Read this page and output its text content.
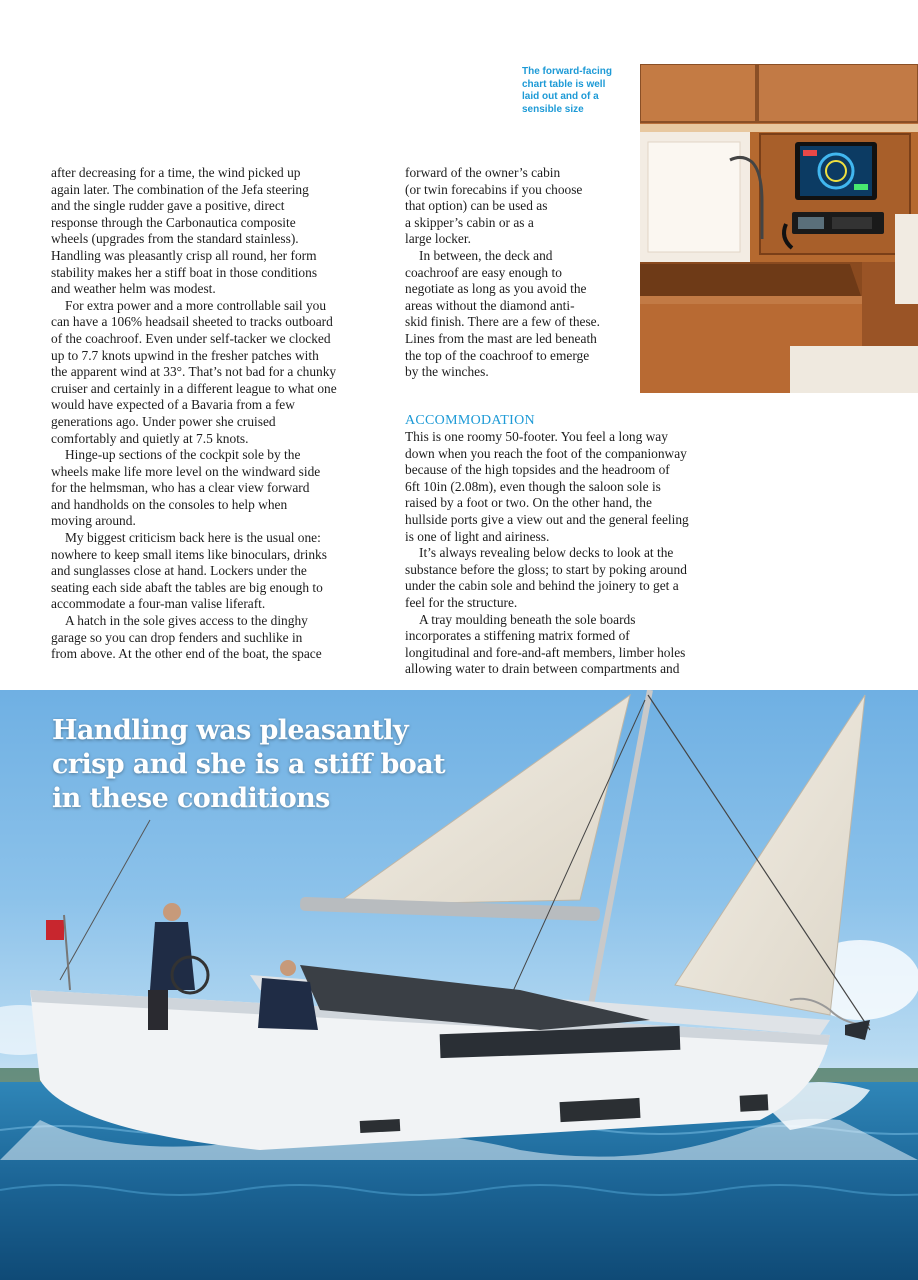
The forward-facing
chart table is well
laid out and of a
sensible size

after decreasing for a time, the wind picked up
again later. The combination of the Jefa steering
and the single rudder gave a positive, direct
response through the Carbonautica composite
wheels (upgrades from the standard stainless).
Handling was pleasantly crisp all round, her form
stability makes her a stiff boat in those conditions
and weather helm was modest.

For extra power and a more controllable sail you
can have a 106% headsail sheeted to tracks outboard
of the coachroof. Even under self-tacker we clocked
up to 7.7 knots upwind in the fresher patches with
the apparent wind at 33°. That’s not bad for a chunky
cruiser and certainly in a different league to what one
would have expected of a Bavaria from a few
generations ago. Under power she cruised
comfortably and quietly at 7.5 knots.

Hinge-up sections of the cockpit sole by the
wheels make life more level on the windward side
for the helmsman, who has a clear view forward
and handholds on the consoles to help when
moving around.

My biggest criticism back here is the usual one:
nowhere to keep small items like binoculars, drinks
and sunglasses close at hand. Lockers under the
seating each side abaft the tables are big enough to
accommodate a four-man valise liferaft.

A hatch in the sole gives access to the dinghy
garage so you can drop fenders and suchlike in
from above. At the other end of the boat, the space

forward of the owner’s cabin
(or twin forecabins if you choose
that option) can be used as
a skipper’s cabin or as a
large locker.

In between, the deck and
coachroof are easy enough to
negotiate as long as you avoid the
areas without the diamond anti-
skid finish. There are a few of these.
Lines from the mast are led beneath
the top of the coachroof to emerge
by the winches.

ACCOMMODATION

This is one roomy 50-footer. You feel a long way
down when you reach the foot of the companionway
because of the high topsides and the headroom of
6ft 10in (2.08m), even though the saloon sole is
raised by a foot or two. On the other hand, the
hullside ports give a view out and the general feeling
is one of light and airiness.

It’s always revealing below decks to look at the
substance before the gloss; to start by poking around
under the cabin sole and behind the joinery to get a
feel for the structure.

A tray moulding beneath the sole boards
incorporates a stiffening matrix formed of
longitudinal and fore-and-aft members, limber holes
allowing water to drain between compartments and

Handling was pleasantly
crisp and she is a stiff boat
in these conditions
